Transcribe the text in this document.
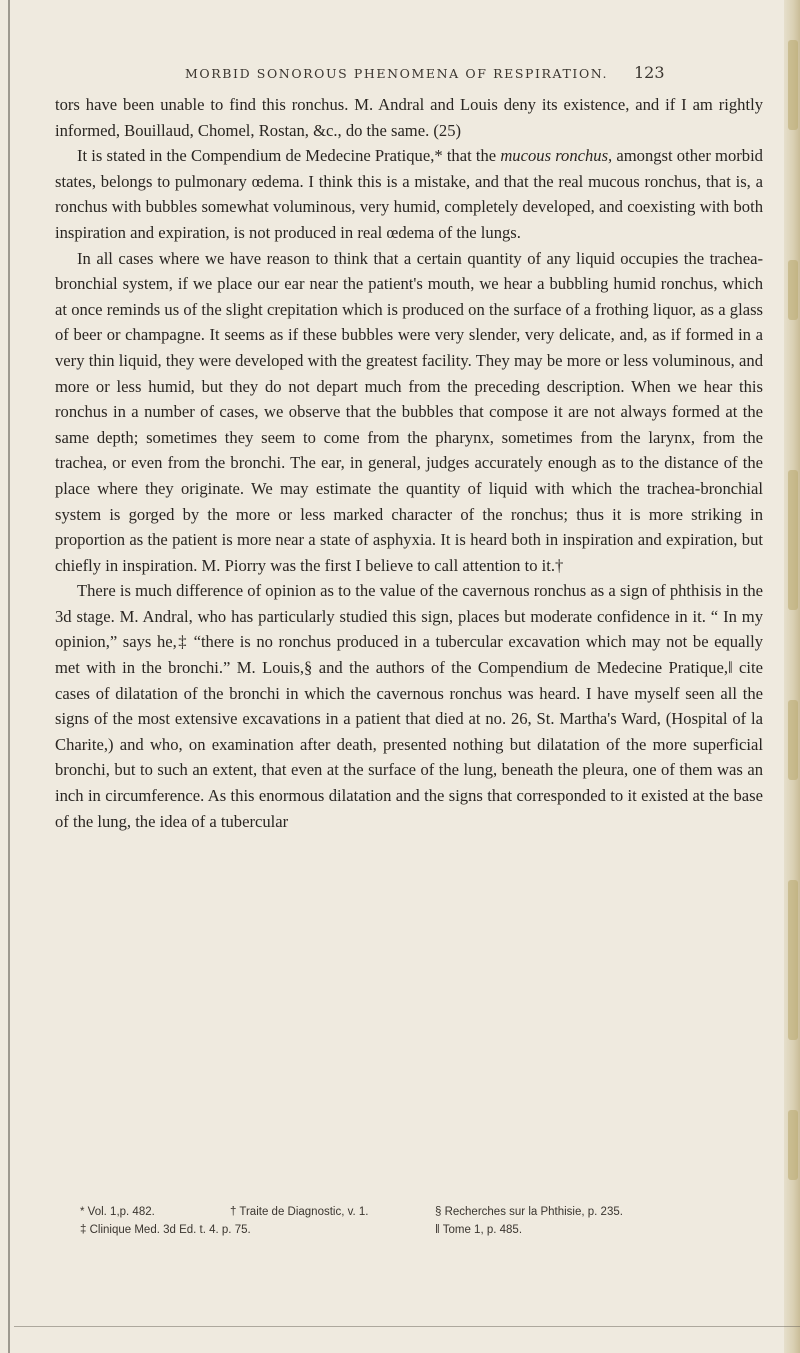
MORBID SONOROUS PHENOMENA OF RESPIRATION. 123

tors have been unable to find this ronchus. M. Andral and Louis deny its existence, and if I am rightly informed, Bouillaud, Chomel, Rostan, &c., do the same. (25)

It is stated in the Compendium de Medecine Pratique,* that the mucous ronchus, amongst other morbid states, belongs to pulmonary œdema. I think this is a mistake, and that the real mucous ronchus, that is, a ronchus with bubbles somewhat voluminous, very humid, completely developed, and coexisting with both inspiration and expiration, is not produced in real œdema of the lungs.

In all cases where we have reason to think that a certain quantity of any liquid occupies the trachea-bronchial system, if we place our ear near the patient's mouth, we hear a bubbling humid ronchus, which at once reminds us of the slight crepitation which is produced on the surface of a frothing liquor, as a glass of beer or champagne. It seems as if these bubbles were very slender, very delicate, and, as if formed in a very thin liquid, they were developed with the greatest facility. They may be more or less voluminous, and more or less humid, but they do not depart much from the preceding description. When we hear this ronchus in a number of cases, we observe that the bubbles that compose it are not always formed at the same depth; sometimes they seem to come from the pharynx, sometimes from the larynx, from the trachea, or even from the bronchi. The ear, in general, judges accurately enough as to the distance of the place where they originate. We may estimate the quantity of liquid with which the trachea-bronchial system is gorged by the more or less marked character of the ronchus; thus it is more striking in proportion as the patient is more near a state of asphyxia. It is heard both in inspiration and expiration, but chiefly in inspiration. M. Piorry was the first I believe to call attention to it.†

There is much difference of opinion as to the value of the cavernous ronchus as a sign of phthisis in the 3d stage. M. Andral, who has particularly studied this sign, places but moderate confidence in it. “ In my opinion,” says he,‡ “there is no ronchus produced in a tubercular excavation which may not be equally met with in the bronchi.” M. Louis,§ and the authors of the Compendium de Medecine Pratique,‖ cite cases of dilatation of the bronchi in which the cavernous ronchus was heard. I have myself seen all the signs of the most extensive excavations in a patient that died at no. 26, St. Martha's Ward, (Hospital of la Charite,) and who, on examination after death, presented nothing but dilatation of the more superficial bronchi, but to such an extent, that even at the surface of the lung, beneath the pleura, one of them was an inch in circumference. As this enormous dilatation and the signs that corresponded to it existed at the base of the lung, the idea of a tubercular

* Vol. 1,p. 482.	† Traite de Diagnostic, v. 1.	§ Recherches sur la Phthisie, p. 235.
‡ Clinique Med. 3d Ed. t. 4. p. 75.	‖ Tome 1, p. 485.
